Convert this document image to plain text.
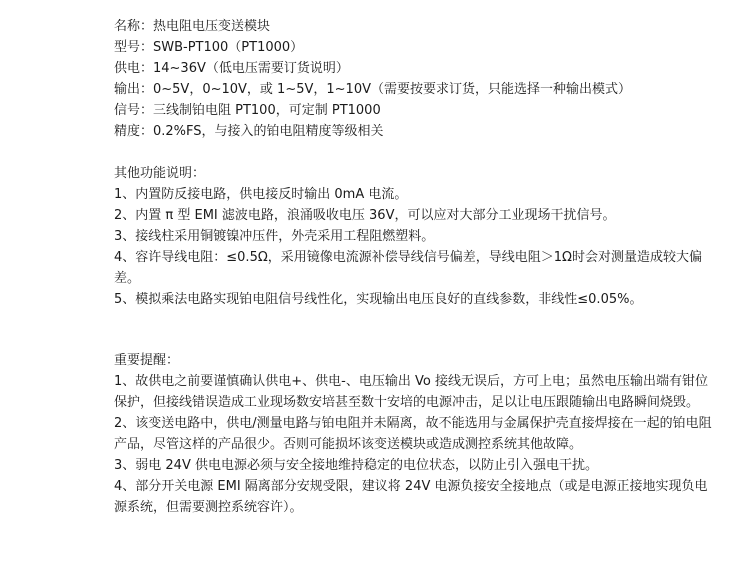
名称：热电阻电压变送模块
型号：SWB-PT100（PT1000）
供电：14~36V（低电压需要订货说明）
输出：0~5V，0~10V，或 1~5V，1~10V（需要按要求订货，只能选择一种输出模式）
信号：三线制铂电阻 PT100，可定制 PT1000
精度：0.2%FS，与接入的铂电阻精度等级相关
其他功能说明：
1、内置防反接电路，供电接反时输出 0mA 电流。
2、内置 π 型 EMI 滤波电路，浪涌吸收电压 36V，可以应对大部分工业现场干扰信号。
3、接线柱采用铜镀镍冲压件，外壳采用工程阻燃塑料。
4、容许导线电阻：≤0.5Ω，采用镜像电流源补偿导线信号偏差，导线电阻＞1Ω时会对测量造成较大偏差。
5、模拟乘法电路实现铂电阻信号线性化，实现输出电压良好的直线参数，非线性≤0.05%。
重要提醒：
1、故供电之前要谨慎确认供电+、供电-、电压输出 Vo 接线无误后，方可上电；虽然电压输出端有钳位保护，但接线错误造成工业现场数安培甚至数十安培的电源冲击，足以让电压跟随输出电路瞬间烧毁。
2、该变送电路中，供电/测量电路与铂电阻并未隔离，故不能选用与金属保护壳直接焊接在一起的铂电阻产品，尽管这样的产品很少。否则可能损坏该变送模块或造成测控系统其他故障。
3、弱电 24V 供电电源必须与安全接地维持稳定的电位状态，以防止引入强电干扰。
4、部分开关电源 EMI 隔离部分安规受限，建议将 24V 电源负接安全接地点（或是电源正接地实现负电源系统，但需要测控系统容许）。
